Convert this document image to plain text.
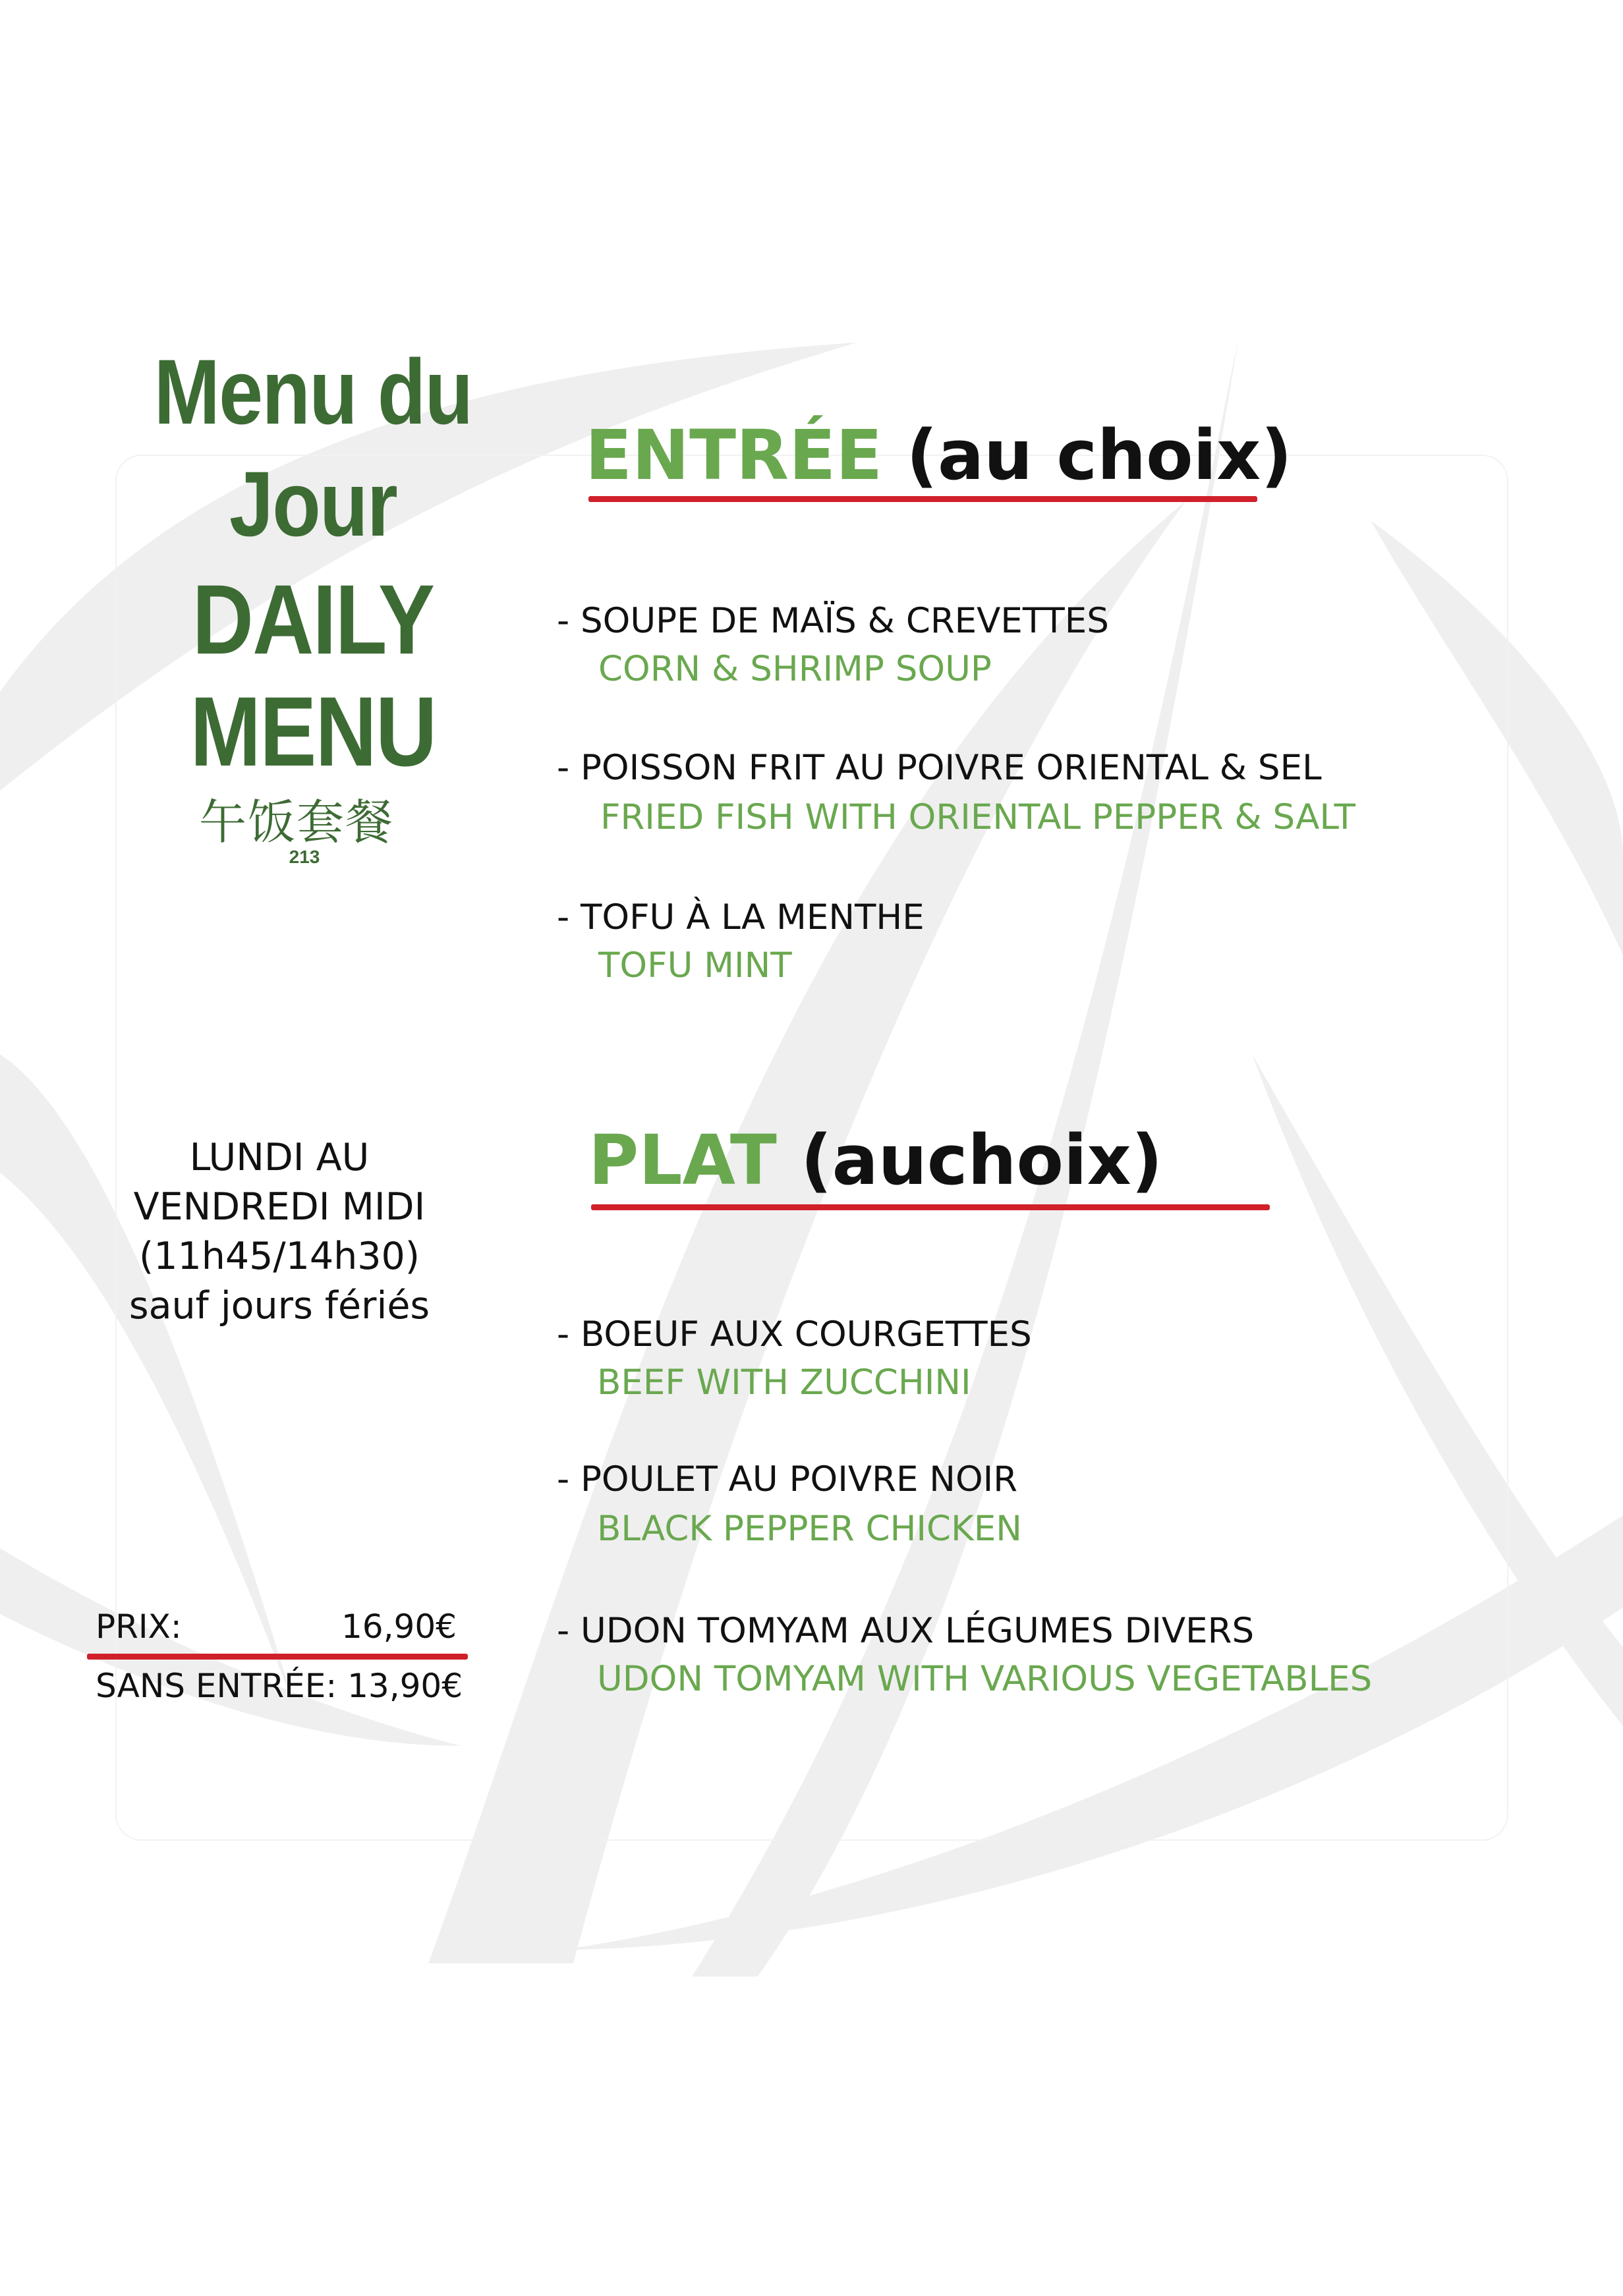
Menu du
Jour
DAILY
MENU
午饭套餐
213
LUNDI AU
VENDREDI MIDI
(11h45/14h30)
sauf jours fériés
PRIX:	16,90€
SANS ENTRÉE: 13,90€
ENTRÉE (au choix)
- SOUPE DE MAÏS & CREVETTES
CORN & SHRIMP SOUP
- POISSON FRIT AU POIVRE ORIENTAL & SEL
FRIED FISH WITH ORIENTAL PEPPER & SALT
- TOFU À LA MENTHE
TOFU MINT
PLAT (auchoix)
- BOEUF AUX COURGETTES
BEEF WITH ZUCCHINI
- POULET AU POIVRE NOIR
BLACK PEPPER CHICKEN
- UDON TOMYAM AUX LÉGUMES DIVERS
UDON TOMYAM WITH VARIOUS VEGETABLES
